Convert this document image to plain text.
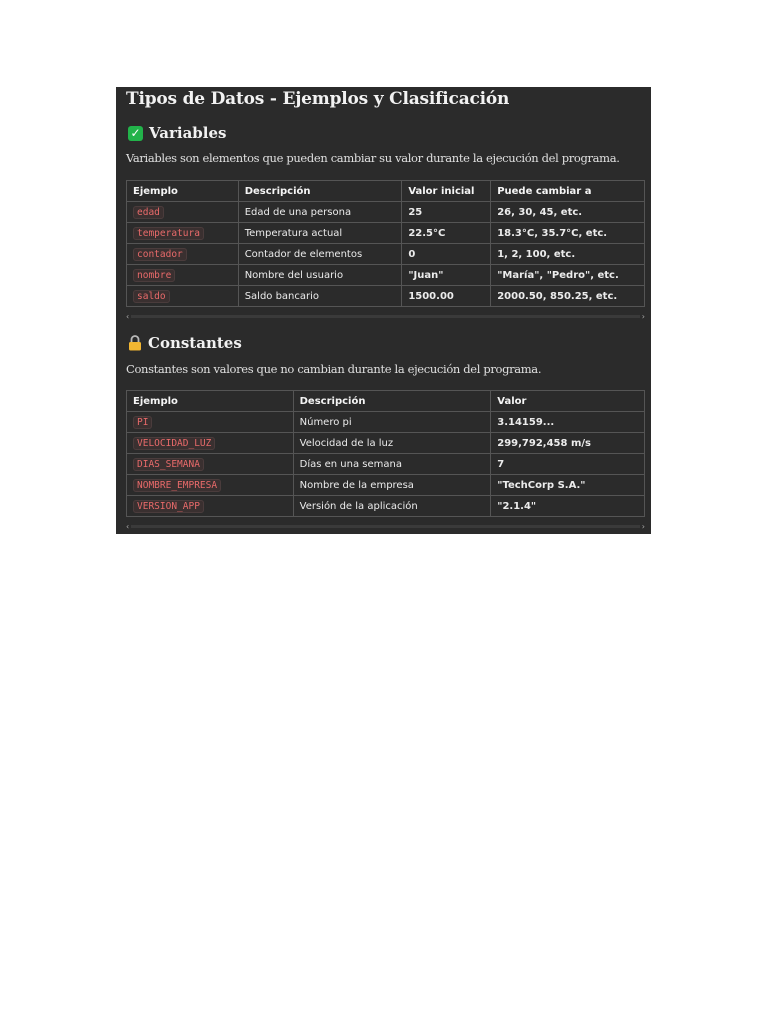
Tipos de Datos - Ejemplos y Clasificación
✓ Variables
Variables son elementos que pueden cambiar su valor durante la ejecución del programa.
Ejemplo	Descripción	Valor inicial	Puede cambiar a
edad	Edad de una persona	25	26, 30, 45, etc.
temperatura	Temperatura actual	22.5°C	18.3°C, 35.7°C, etc.
contador	Contador de elementos	0	1, 2, 100, etc.
nombre	Nombre del usuario	"Juan"	"María", "Pedro", etc.
saldo	Saldo bancario	1500.00	2000.50, 850.25, etc.
‹	›
Constantes
Constantes son valores que no cambian durante la ejecución del programa.
Ejemplo	Descripción	Valor
PI	Número pi	3.14159...
VELOCIDAD_LUZ	Velocidad de la luz	299,792,458 m/s
DIAS_SEMANA	Días en una semana	7
NOMBRE_EMPRESA	Nombre de la empresa	"TechCorp S.A."
VERSION_APP	Versión de la aplicación	"2.1.4"
‹	›
